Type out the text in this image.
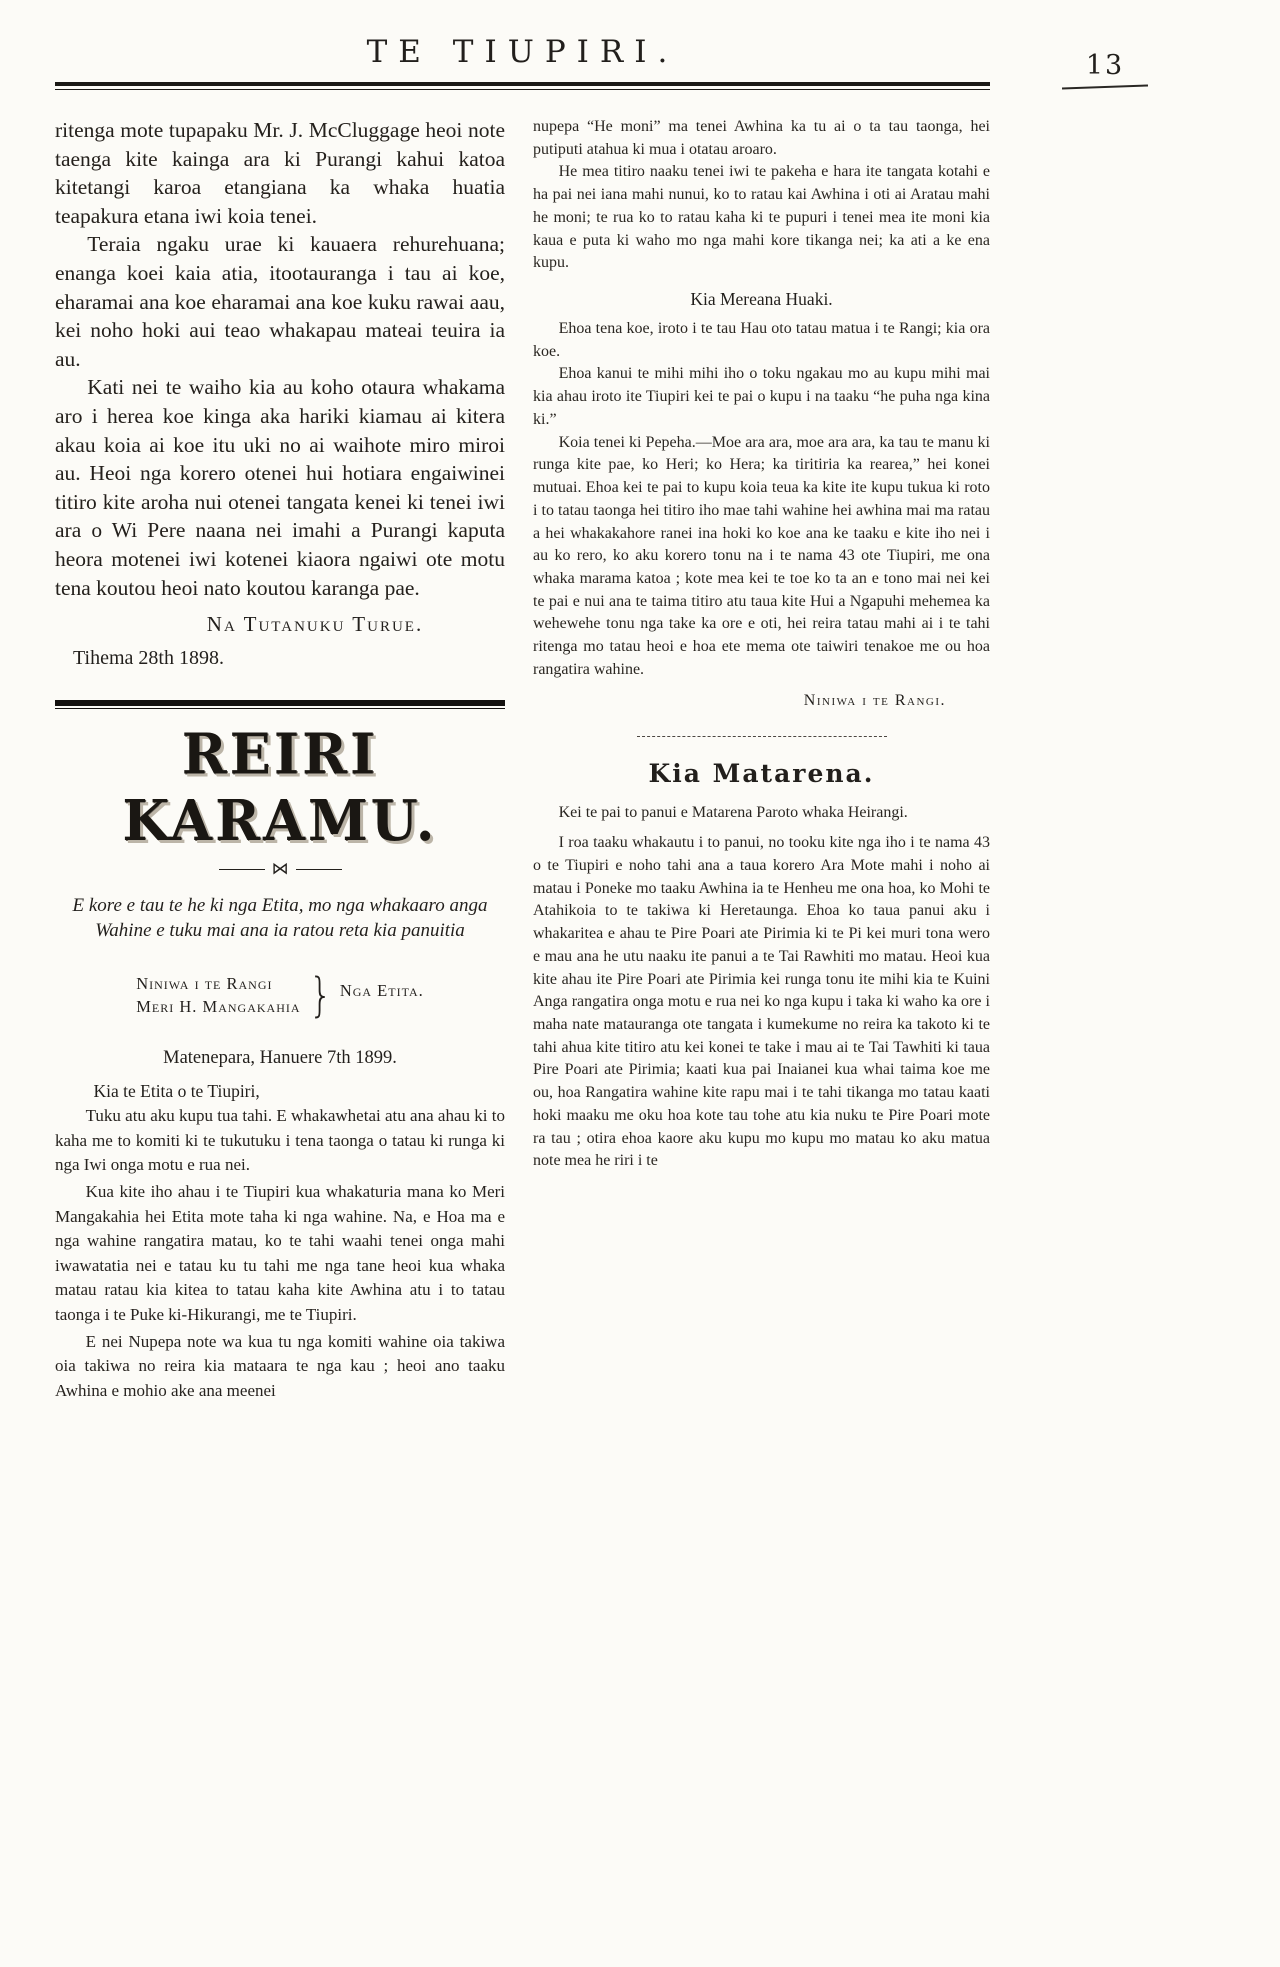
TE TIUPIRI.	13

ritenga mote tupapaku Mr. J. McCluggage heoi note taenga kite kainga ara ki Purangi kahui katoa kitetangi karoa etangiana ka whaka huatia teapakura etana iwi koia tenei.

Teraia ngaku urae ki kauaera rehurehuana; enanga koei kaia atia, itootauranga i tau ai koe, eharamai ana koe eharamai ana koe kuku rawai aau, kei noho hoki aui teao whakapau mateai teuira ia au.

Kati nei te waiho kia au koho otaura whakama aro i herea koe kinga aka hariki kiamau ai kitera akau koia ai koe itu uki no ai waihote miro miroi au. Heoi nga korero otenei hui hotiara engaiwinei titiro kite aroha nui otenei tangata kenei ki tenei iwi ara o Wi Pere naana nei imahi a Purangi kaputa heora motenei iwi kotenei kiaora ngaiwi ote motu tena koutou heoi nato koutou karanga pae.

Na Tutanuku Turue.

Tihema 28th 1898.

REIRI KARAMU.
⋈

E kore e tau te he ki nga Etita, mo nga whakaaro anga Wahine e tuku mai ana ia ratou reta kia panuitia

Niniwa i te Rangi
Meri H. Mangakahia } Nga Etita.

Matenepara, Hanuere 7th 1899.

Kia te Etita o te Tiupiri,

Tuku atu aku kupu tua tahi. E whakawhetai atu ana ahau ki to kaha me to komiti ki te tukutuku i tena taonga o tatau ki runga ki nga Iwi onga motu e rua nei.

Kua kite iho ahau i te Tiupiri kua whakaturia mana ko Meri Mangakahia hei Etita mote taha ki nga wahine. Na, e Hoa ma e nga wahine rangatira matau, ko te tahi waahi tenei onga mahi iwawatatia nei e tatau ku tu tahi me nga tane heoi kua whaka matau ratau kia kitea to tatau kaha kite Awhina atu i to tatau taonga i te Puke ki-Hikurangi, me te Tiupiri.

E nei Nupepa note wa kua tu nga komiti wahine oia takiwa oia takiwa no reira kia mataara te nga kau ; heoi ano taaku Awhina e mohio ake ana meenei

nupepa “He moni” ma tenei Awhina ka tu ai o ta tau taonga, hei putiputi atahua ki mua i otatau aroaro.

He mea titiro naaku tenei iwi te pakeha e hara ite tangata kotahi e ha pai nei iana mahi nunui, ko to ratau kai Awhina i oti ai Aratau mahi he moni; te rua ko to ratau kaha ki te pupuri i tenei mea ite moni kia kaua e puta ki waho mo nga mahi kore tikanga nei; ka ati a ke ena kupu.

Kia Mereana Huaki.

Ehoa tena koe, iroto i te tau Hau oto tatau matua i te Rangi; kia ora koe.

Ehoa kanui te mihi mihi iho o toku ngakau mo au kupu mihi mai kia ahau iroto ite Tiupiri kei te pai o kupu i na taaku “he puha nga kina ki.”

Koia tenei ki Pepeha.—Moe ara ara, moe ara ara, ka tau te manu ki runga kite pae, ko Heri; ko Hera; ka tiritiria ka rearea,” hei konei mutuai. Ehoa kei te pai to kupu koia teua ka kite ite kupu tukua ki roto i to tatau taonga hei titiro iho mae tahi wahine hei awhina mai ma ratau a hei whakakahore ranei ina hoki ko koe ana ke taaku e kite iho nei i au ko rero, ko aku korero tonu na i te nama 43 ote Tiupiri, me ona whaka marama katoa ; kote mea kei te toe ko ta an e tono mai nei kei te pai e nui ana te taima titiro atu taua kite Hui a Ngapuhi mehemea ka wehewehe tonu nga take ka ore e oti, hei reira tatau mahi ai i te tahi ritenga mo tatau heoi e hoa ete mema ote taiwiri tenakoe me ou hoa rangatira wahine.

Niniwa i te Rangi.

Kia Matarena.

Kei te pai to panui e Matarena Paroto whaka Heirangi.

I roa taaku whakautu i to panui, no tooku kite nga iho i te nama 43 o te Tiupiri e noho tahi ana a taua korero Ara Mote mahi i noho ai matau i Poneke mo taaku Awhina ia te Henheu me ona hoa, ko Mohi te Atahikoia to te takiwa ki Heretaunga. Ehoa ko taua panui aku i whakaritea e ahau te Pire Poari ate Pirimia ki te Pi kei muri tona wero e mau ana he utu naaku ite panui a te Tai Rawhiti mo matau. Heoi kua kite ahau ite Pire Poari ate Pirimia kei runga tonu ite mihi kia te Kuini Anga rangatira onga motu e rua nei ko nga kupu i taka ki waho ka ore i maha nate matauranga ote tangata i kumekume no reira ka takoto ki te tahi ahua kite titiro atu kei konei te take i mau ai te Tai Tawhiti ki taua Pire Poari ate Pirimia; kaati kua pai Inaianei kua whai taima koe me ou, hoa Rangatira wahine kite rapu mai i te tahi tikanga mo tatau kaati hoki maaku me oku hoa kote tau tohe atu kia nuku te Pire Poari mote ra tau ; otira ehoa kaore aku kupu mo kupu mo matau ko aku matua note mea he riri i te
